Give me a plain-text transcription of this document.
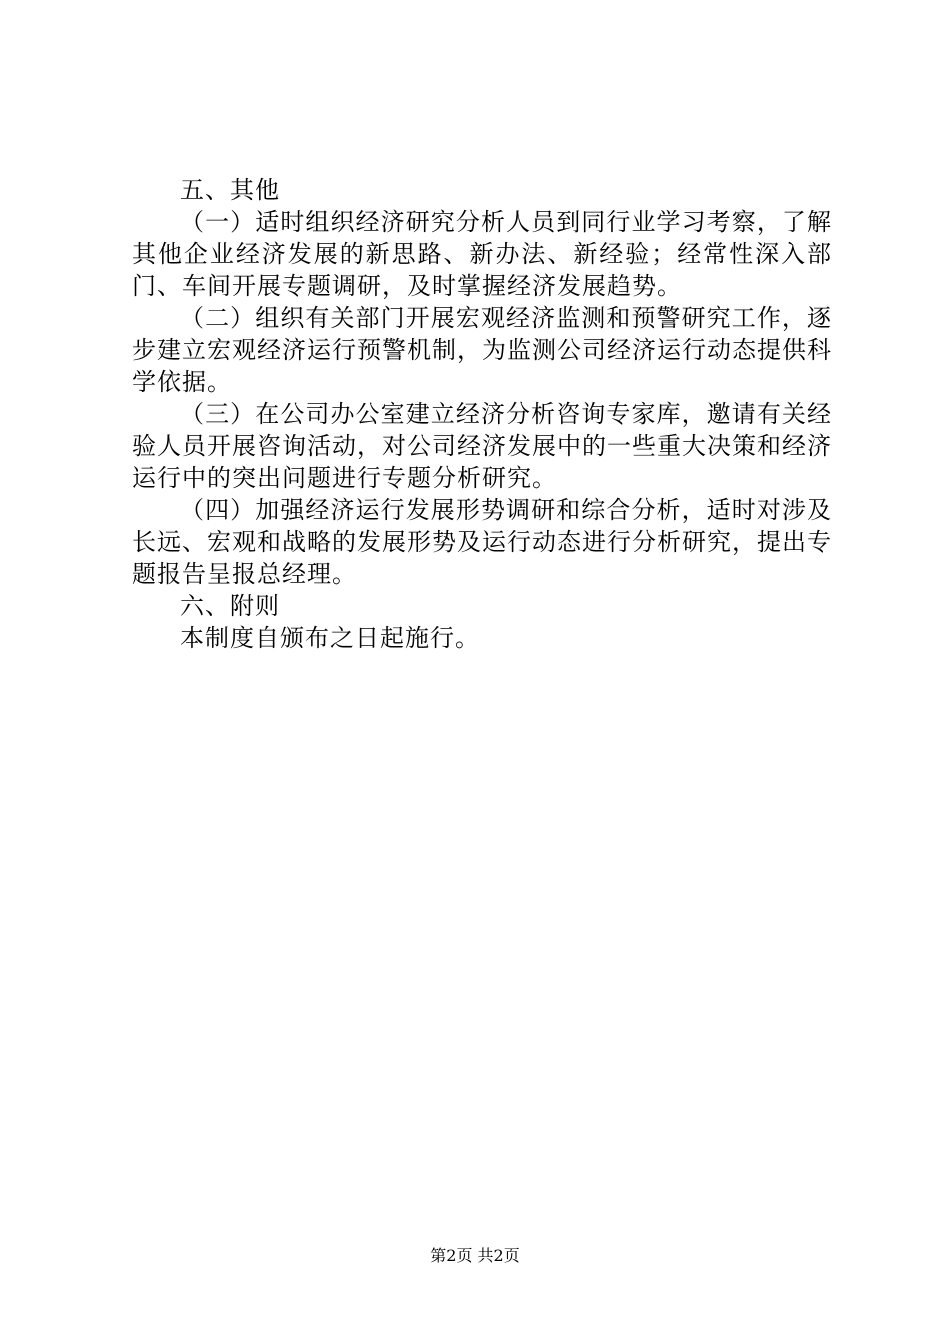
五、其他

（一）适时组织经济研究分析人员到同行业学习考察，了解其他企业经济发展的新思路、新办法、新经验；经常性深入部门、车间开展专题调研，及时掌握经济发展趋势。

（二）组织有关部门开展宏观经济监测和预警研究工作，逐步建立宏观经济运行预警机制，为监测公司经济运行动态提供科学依据。

（三）在公司办公室建立经济分析咨询专家库，邀请有关经验人员开展咨询活动，对公司经济发展中的一些重大决策和经济运行中的突出问题进行专题分析研究。

（四）加强经济运行发展形势调研和综合分析，适时对涉及长远、宏观和战略的发展形势及运行动态进行分析研究，提出专题报告呈报总经理。

六、附则

本制度自颁布之日起施行。

第2页 共2页
